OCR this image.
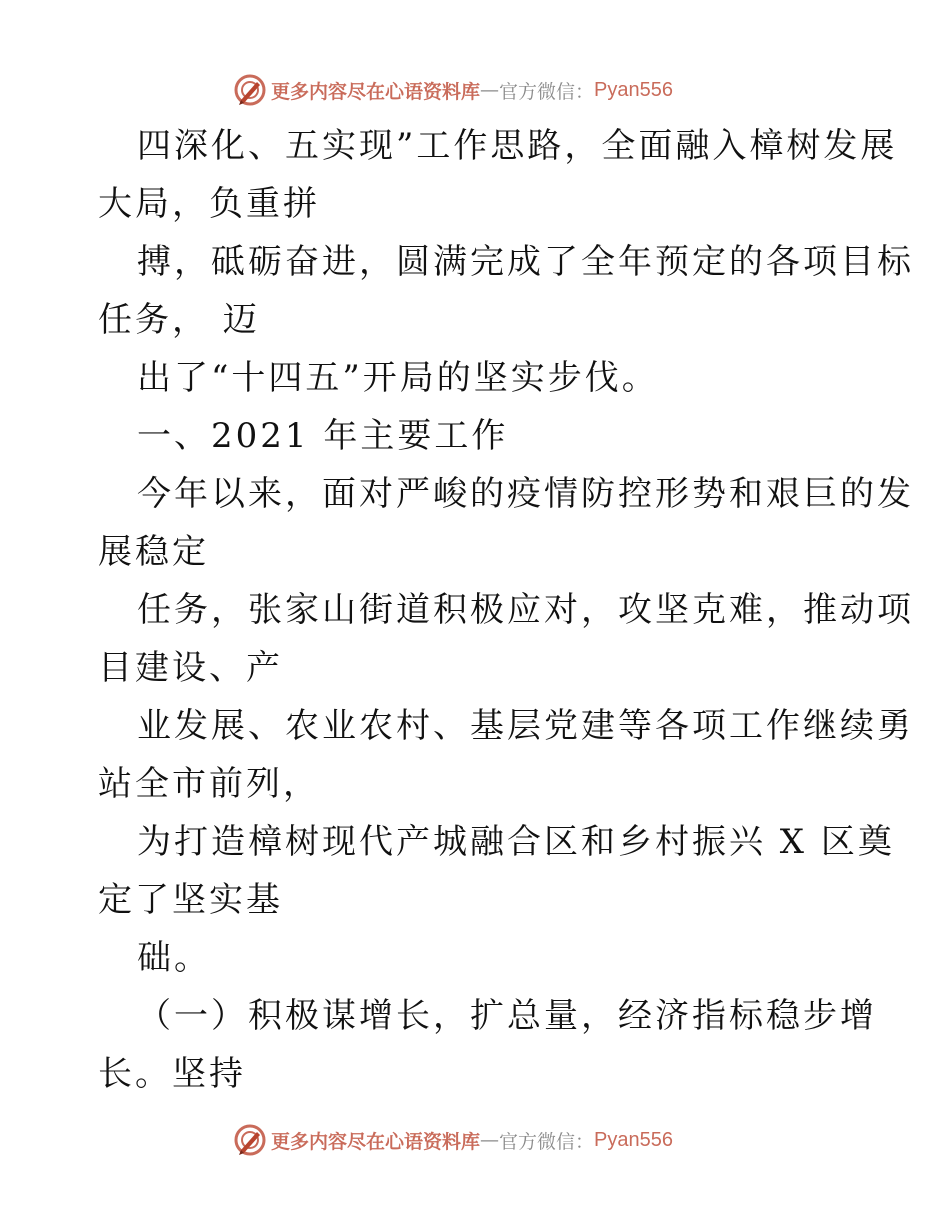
更多内容尽在心语资料库 — 官方微信： Pyan556
四深化、五实现”工作思路，全面融入樟树发展
大局，负重拼
搏，砥砺奋进，圆满完成了全年预定的各项目标
任务， 迈
出了“十四五”开局的坚实步伐。
一、2021 年主要工作
今年以来，面对严峻的疫情防控形势和艰巨的发
展稳定
任务，张家山街道积极应对，攻坚克难，推动项
目建设、产
业发展、农业农村、基层党建等各项工作继续勇
站全市前列，
为打造樟树现代产城融合区和乡村振兴 X 区奠
定了坚实基
础。
（一）积极谋增长，扩总量，经济指标稳步增
长。坚持
更多内容尽在心语资料库 — 官方微信： Pyan556
